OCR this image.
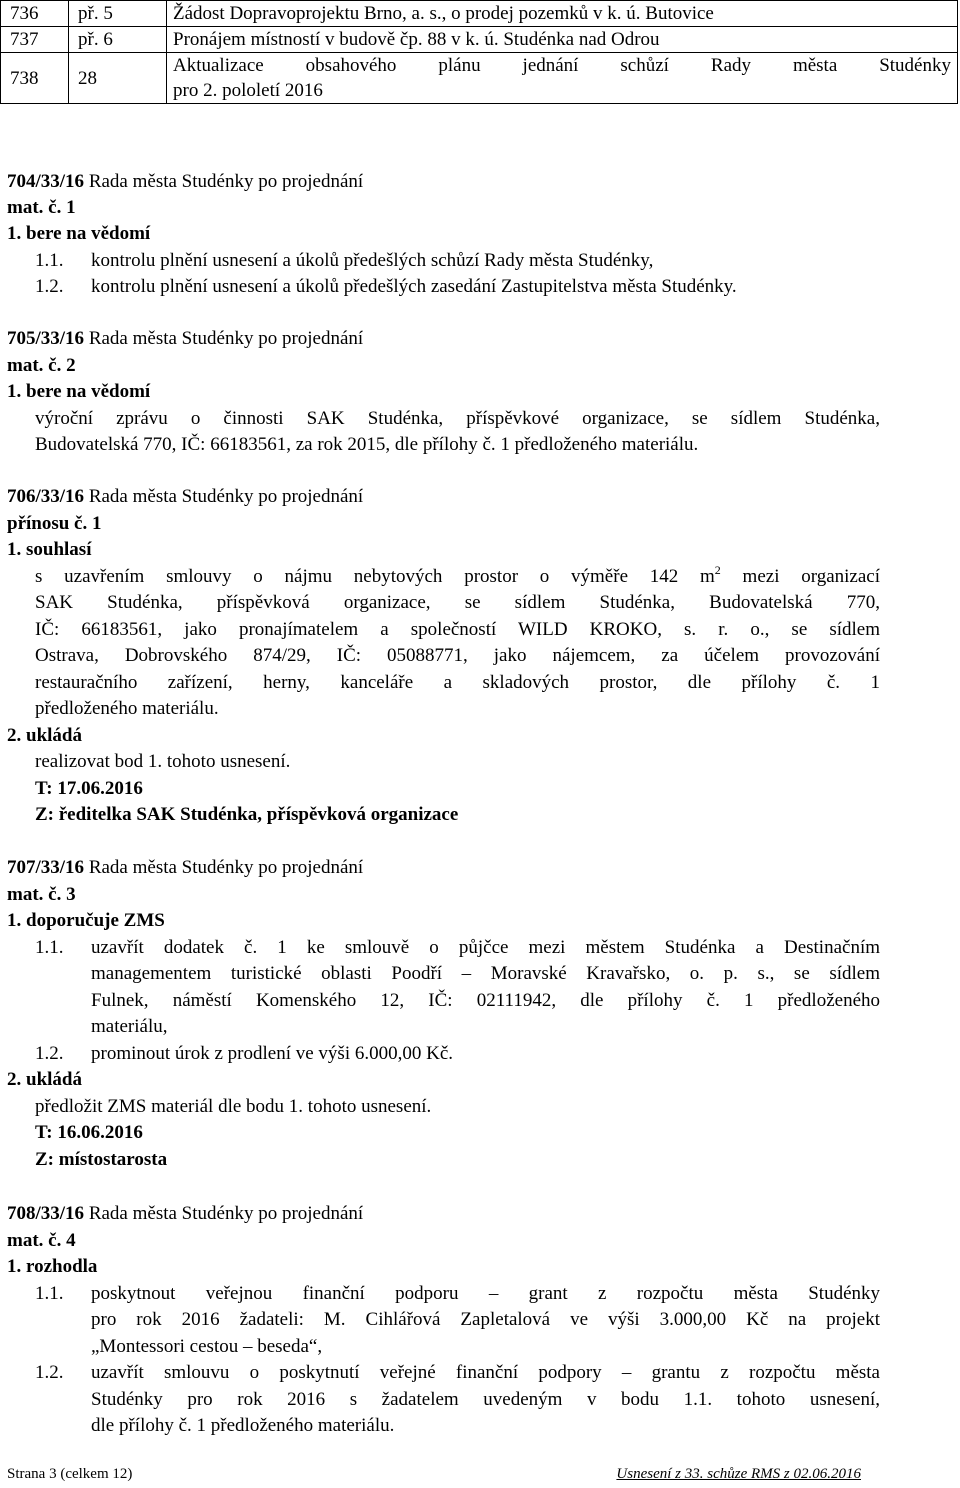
736	př. 5	Žádost Dopravoprojektu Brno, a. s., o prodej pozemků v k. ú. Butovice
737	př. 6	Pronájem místností v budově čp. 88 v k. ú. Studénka nad Odrou
738	28	Aktualizace obsahového plánu jednání schůzí Rady města Studénky
pro 2. pololetí 2016
704/33/16 Rada města Studénky po projednání
mat. č. 1
1. bere na vědomí
1.1. kontrolu plnění usnesení a úkolů předešlých schůzí Rady města Studénky,
1.2. kontrolu plnění usnesení a úkolů předešlých zasedání Zastupitelstva města Studénky.
705/33/16 Rada města Studénky po projednání
mat. č. 2
1. bere na vědomí
výroční zprávu o činnosti SAK Studénka, příspěvkové organizace, se sídlem Studénka,
Budovatelská 770, IČ: 66183561, za rok 2015, dle přílohy č. 1 předloženého materiálu.
706/33/16 Rada města Studénky po projednání
přínosu č. 1
1. souhlasí
s uzavřením smlouvy o nájmu nebytových prostor o výměře 142 $m^2$ mezi organizací
SAK Studénka, příspěvková organizace, se sídlem Studénka, Budovatelská 770,
IČ: 66183561, jako pronajímatelem a společností WILD KROKO, s. r. o., se sídlem
Ostrava, Dobrovského 874/29, IČ: 05088771, jako nájemcem, za účelem provozování
restauračního zařízení, herny, kanceláře a skladových prostor, dle přílohy č. 1
předloženého materiálu.
2. ukládá
realizovat bod 1. tohoto usnesení.
T: 17.06.2016
Z: ředitelka SAK Studénka, příspěvková organizace
707/33/16 Rada města Studénky po projednání
mat. č. 3
1. doporučuje ZMS
1.1. uzavřít dodatek č. 1 ke smlouvě o půjčce mezi městem Studénka a Destinačním
managementem turistické oblasti Poodří – Moravské Kravařsko, o. p. s., se sídlem
Fulnek, náměstí Komenského 12, IČ: 02111942, dle přílohy č. 1 předloženého
materiálu,
1.2. prominout úrok z prodlení ve výši 6.000,00 Kč.
2. ukládá
předložit ZMS materiál dle bodu 1. tohoto usnesení.
T: 16.06.2016
Z: místostarosta
708/33/16 Rada města Studénky po projednání
mat. č. 4
1. rozhodla
1.1. poskytnout veřejnou finanční podporu – grant z rozpočtu města Studénky
pro rok 2016 žadateli: M. Cihlářová Zapletalová ve výši 3.000,00 Kč na projekt
„Montessori cestou – beseda“,
1.2. uzavřít smlouvu o poskytnutí veřejné finanční podpory – grantu z rozpočtu města
Studénky pro rok 2016 s žadatelem uvedeným v bodu 1.1. tohoto usnesení,
dle přílohy č. 1 předloženého materiálu.
Strana 3 (celkem 12)	Usnesení z 33. schůze RMS z 02.06.2016
